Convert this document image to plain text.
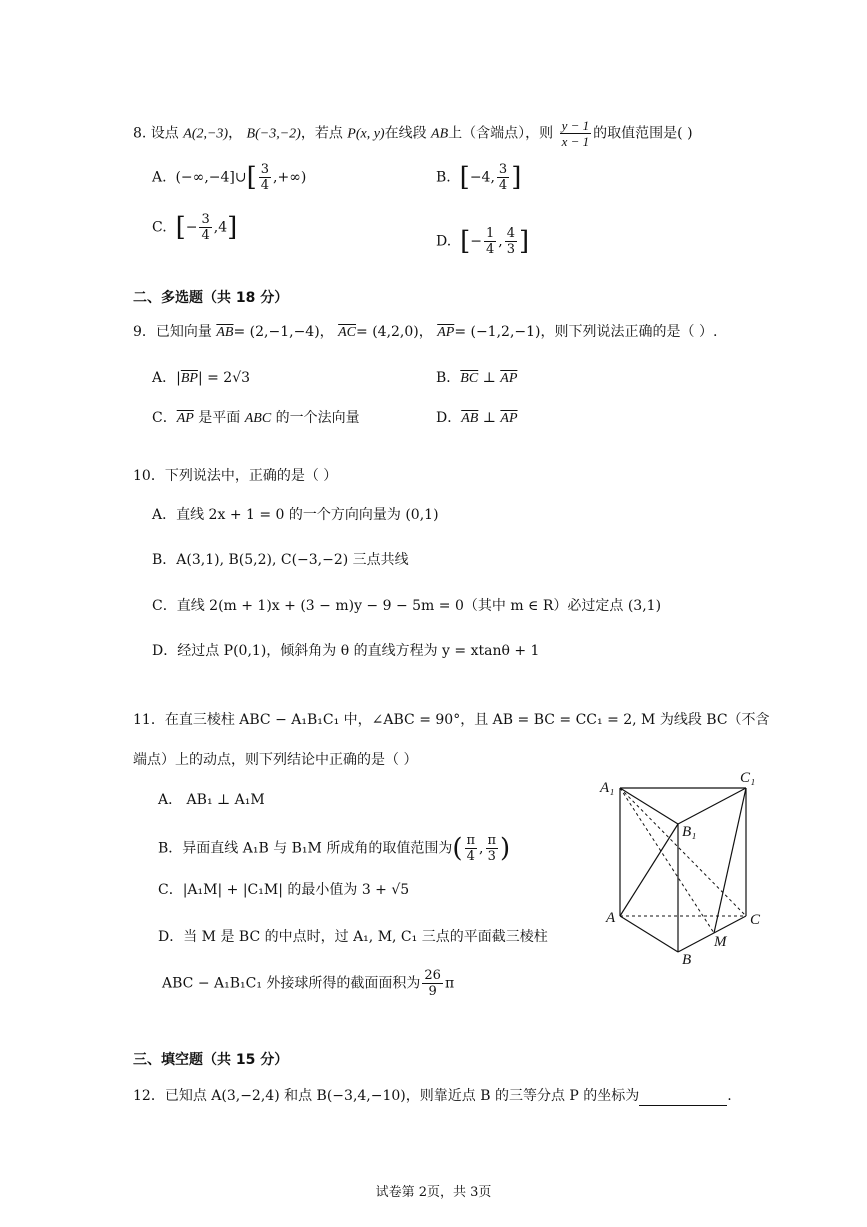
8. 设点 A(2,−3)， B(−3,−2)，若点 P(x, y)在线段 AB上（含端点），则 $\frac{y - 1}{x - 1}$ 的取值范围是( )
A. (−∞,−4]∪[ $\frac{3}{4}$ ,+∞)	B. [−4, $\frac{3}{4}$ ]
C. [− $\frac{3}{4} ,4$]	D. [− $\frac{1}{4}$ , $\frac{4}{3}$ ]
二、多选题（共 18 分）
9．已知向量 $\overline{AB}= (2,-1,-4)$， $\overline{AC}= (4,2,0)$， $\overline{AP}= (-1,2,-1)$，则下列说法正确的是（ ）.
A．$|\overline{BP}| = 2√3$	B．$\overline{BC}$ ⊥ $\overline{AP}$
C．$\overline{AP}$ 是平面 ABC 的一个法向量	D．$\overline{AB}$ ⊥ $\overline{AP}$
10．下列说法中，正确的是（ ）
A．直线 2x + 1 = 0 的一个方向向量为 (0,1)
B．A(3,1), B(5,2), C(−3,−2) 三点共线
C．直线 2(m + 1)x + (3 − m)y − 9 − 5m = 0（其中 m ∈ R）必过定点 (3,1)
D．经过点 P(0,1)，倾斜角为 θ 的直线方程为 y = xtanθ + 1
11．在直三棱柱 ABC − A₁B₁C₁ 中，∠ABC = 90°，且 AB = BC = CC₁ = 2, M 为线段 BC（不含
端点）上的动点，则下列结论中正确的是（ ）
A． AB₁ ⊥ A₁M
B．异面直线 A₁B 与 B₁M 所成角的取值范围为( $\frac{\pi}{4}$ , $\frac{\pi}{3}$ )
C．|A₁M| + |C₁M| 的最小值为 3 + √5
D．当 M 是 BC 的中点时，过 A₁, M, C₁ 三点的平面截三棱柱
ABC − A₁B₁C₁ 外接球所得的截面面积为 $\frac{26}{9}$ π
A₁
C₁
B₁
A	C
M
B
三、填空题（共 15 分）
12．已知点 A(3,−2,4) 和点 B(−3,4,−10)，则靠近点 B 的三等分点 P 的坐标为	.
试卷第 2页，共 3页
